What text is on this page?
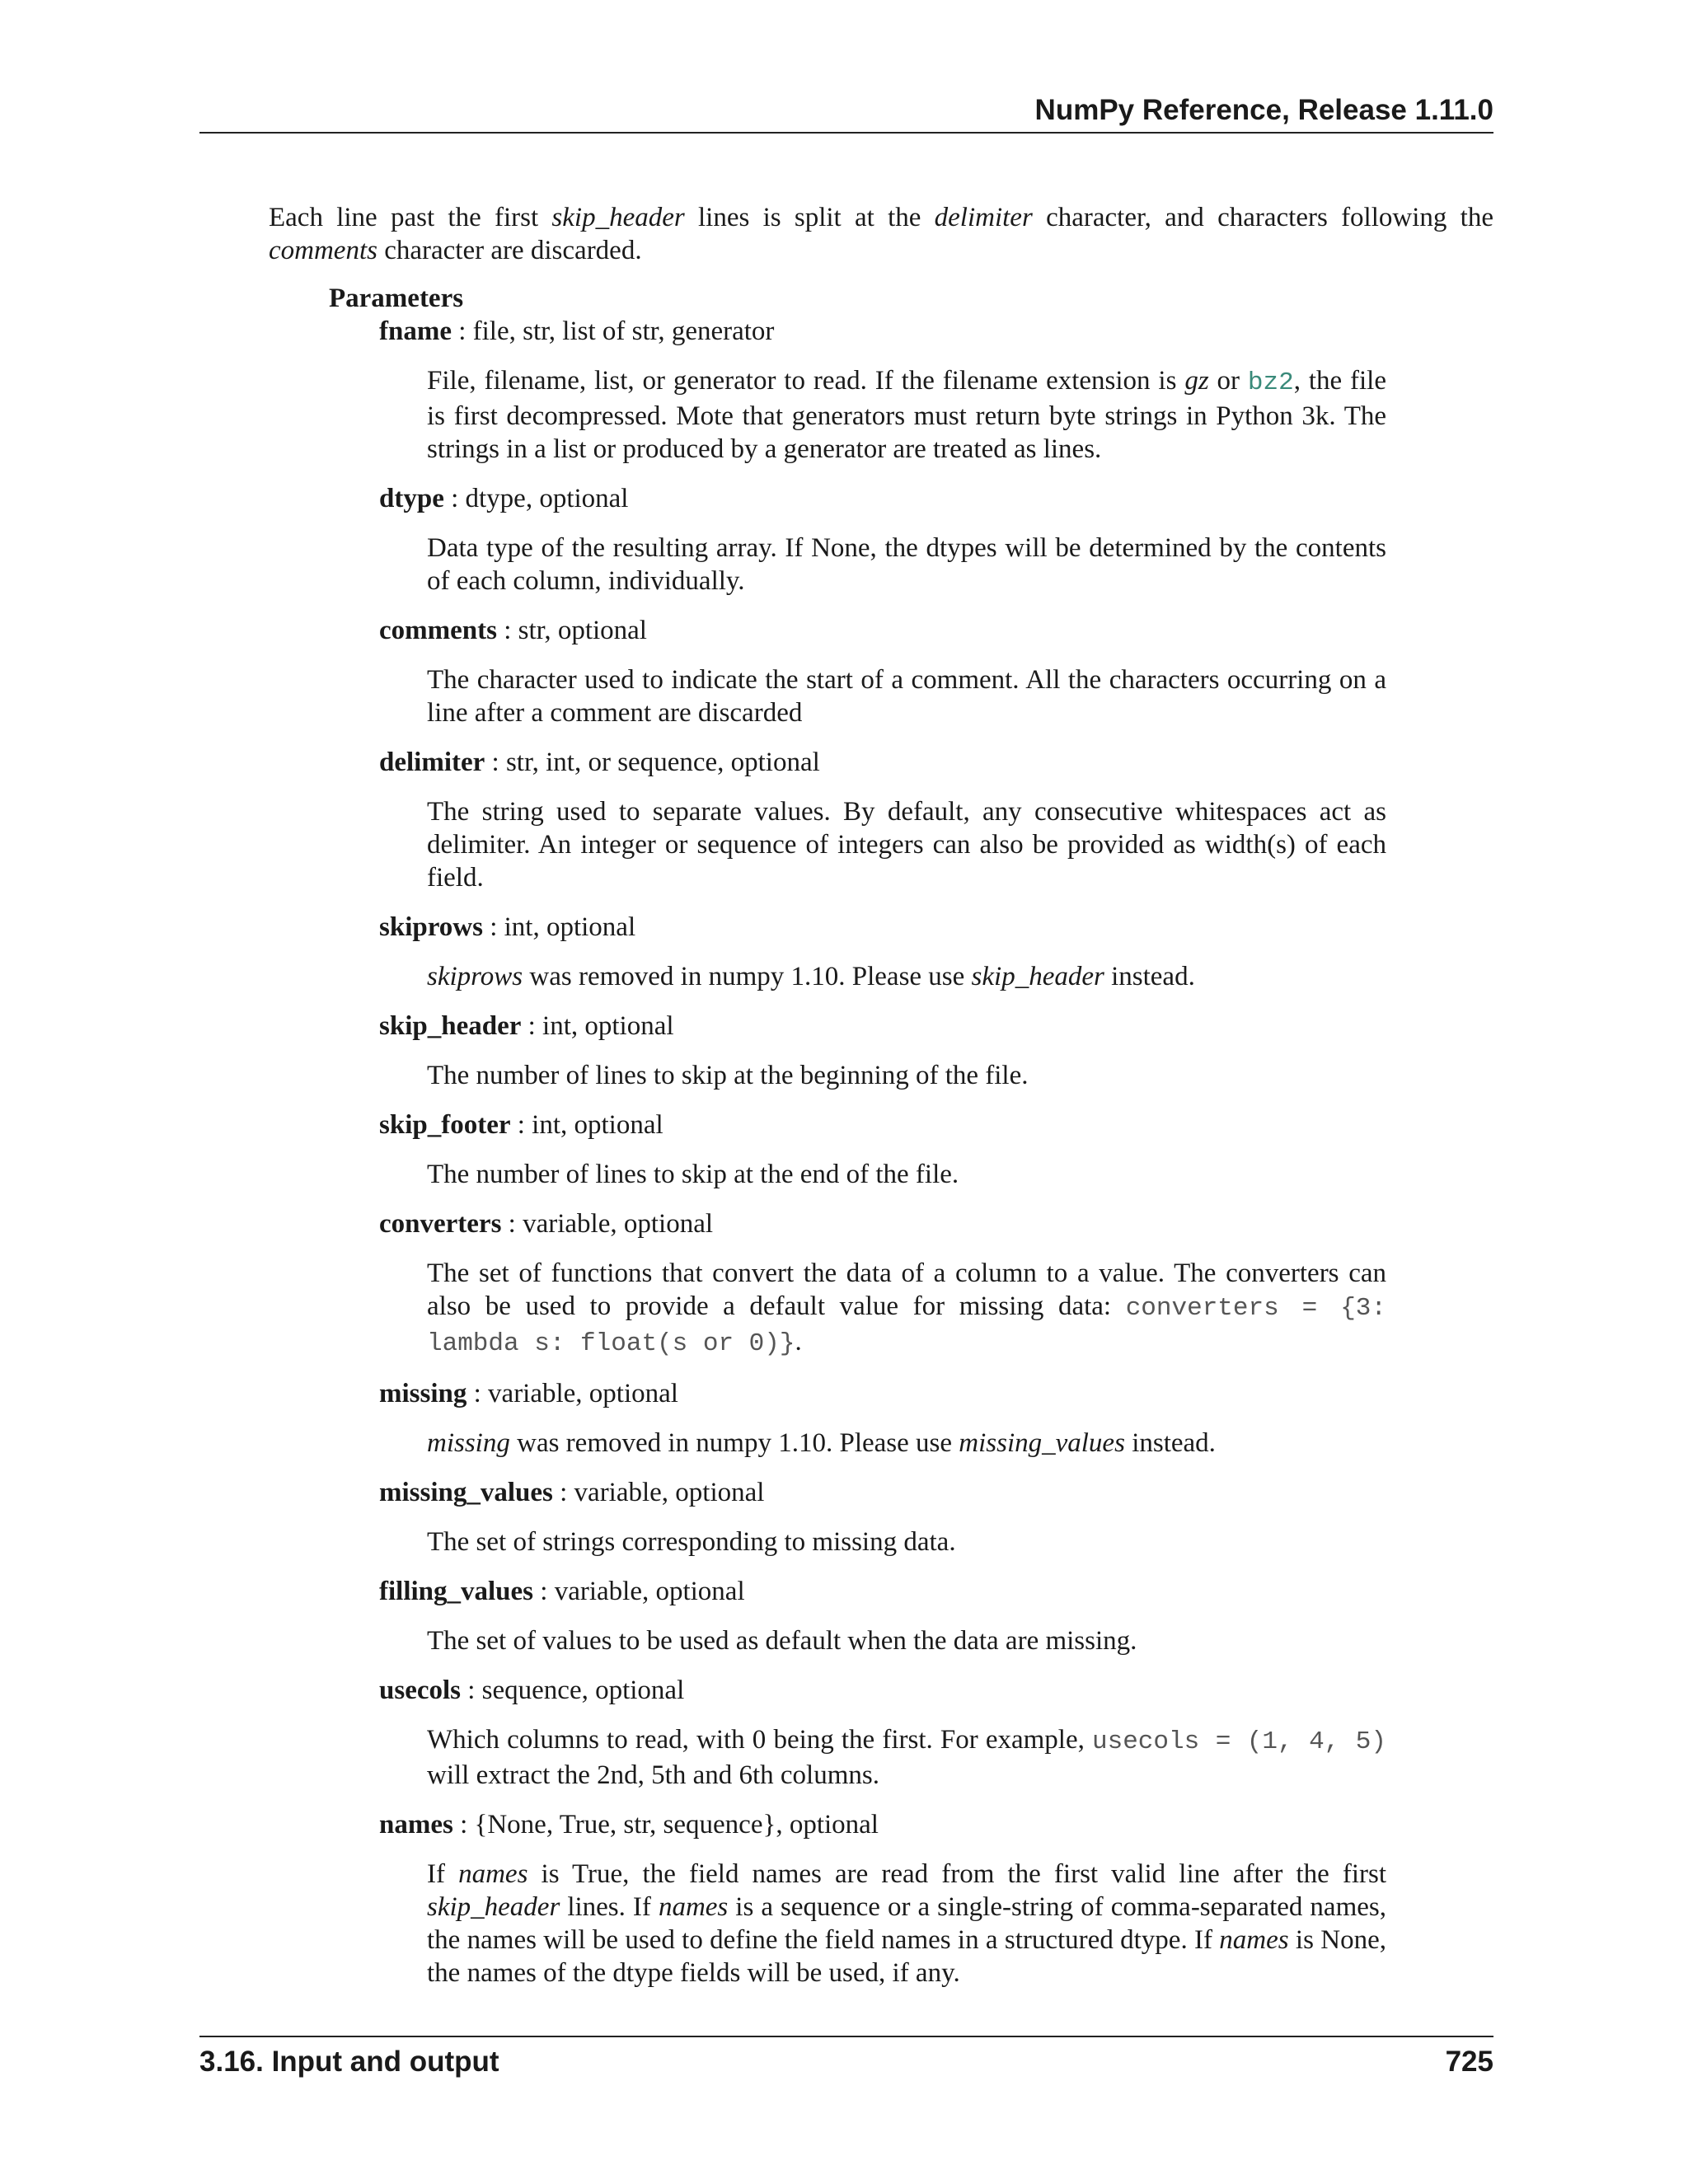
NumPy Reference, Release 1.11.0

Each line past the first skip_header lines is split at the delimiter character, and characters following the comments character are discarded.

Parameters
fname : file, str, list of str, generator

File, filename, list, or generator to read. If the filename extension is gz or bz2, the file is first decompressed. Mote that generators must return byte strings in Python 3k. The strings in a list or produced by a generator are treated as lines.

dtype : dtype, optional

Data type of the resulting array. If None, the dtypes will be determined by the contents of each column, individually.

comments : str, optional

The character used to indicate the start of a comment. All the characters occurring on a line after a comment are discarded

delimiter : str, int, or sequence, optional

The string used to separate values. By default, any consecutive whitespaces act as delimiter. An integer or sequence of integers can also be provided as width(s) of each field.

skiprows : int, optional

skiprows was removed in numpy 1.10. Please use skip_header instead.

skip_header : int, optional

The number of lines to skip at the beginning of the file.

skip_footer : int, optional

The number of lines to skip at the end of the file.

converters : variable, optional

The set of functions that convert the data of a column to a value. The converters can also be used to provide a default value for missing data: converters = {3: lambda s: float(s or 0)}.

missing : variable, optional

missing was removed in numpy 1.10. Please use missing_values instead.

missing_values : variable, optional

The set of strings corresponding to missing data.

filling_values : variable, optional

The set of values to be used as default when the data are missing.

usecols : sequence, optional

Which columns to read, with 0 being the first. For example, usecols = (1, 4, 5) will extract the 2nd, 5th and 6th columns.

names : {None, True, str, sequence}, optional

If names is True, the field names are read from the first valid line after the first skip_header lines. If names is a sequence or a single-string of comma-separated names, the names will be used to define the field names in a structured dtype. If names is None, the names of the dtype fields will be used, if any.

3.16. Input and output	725
